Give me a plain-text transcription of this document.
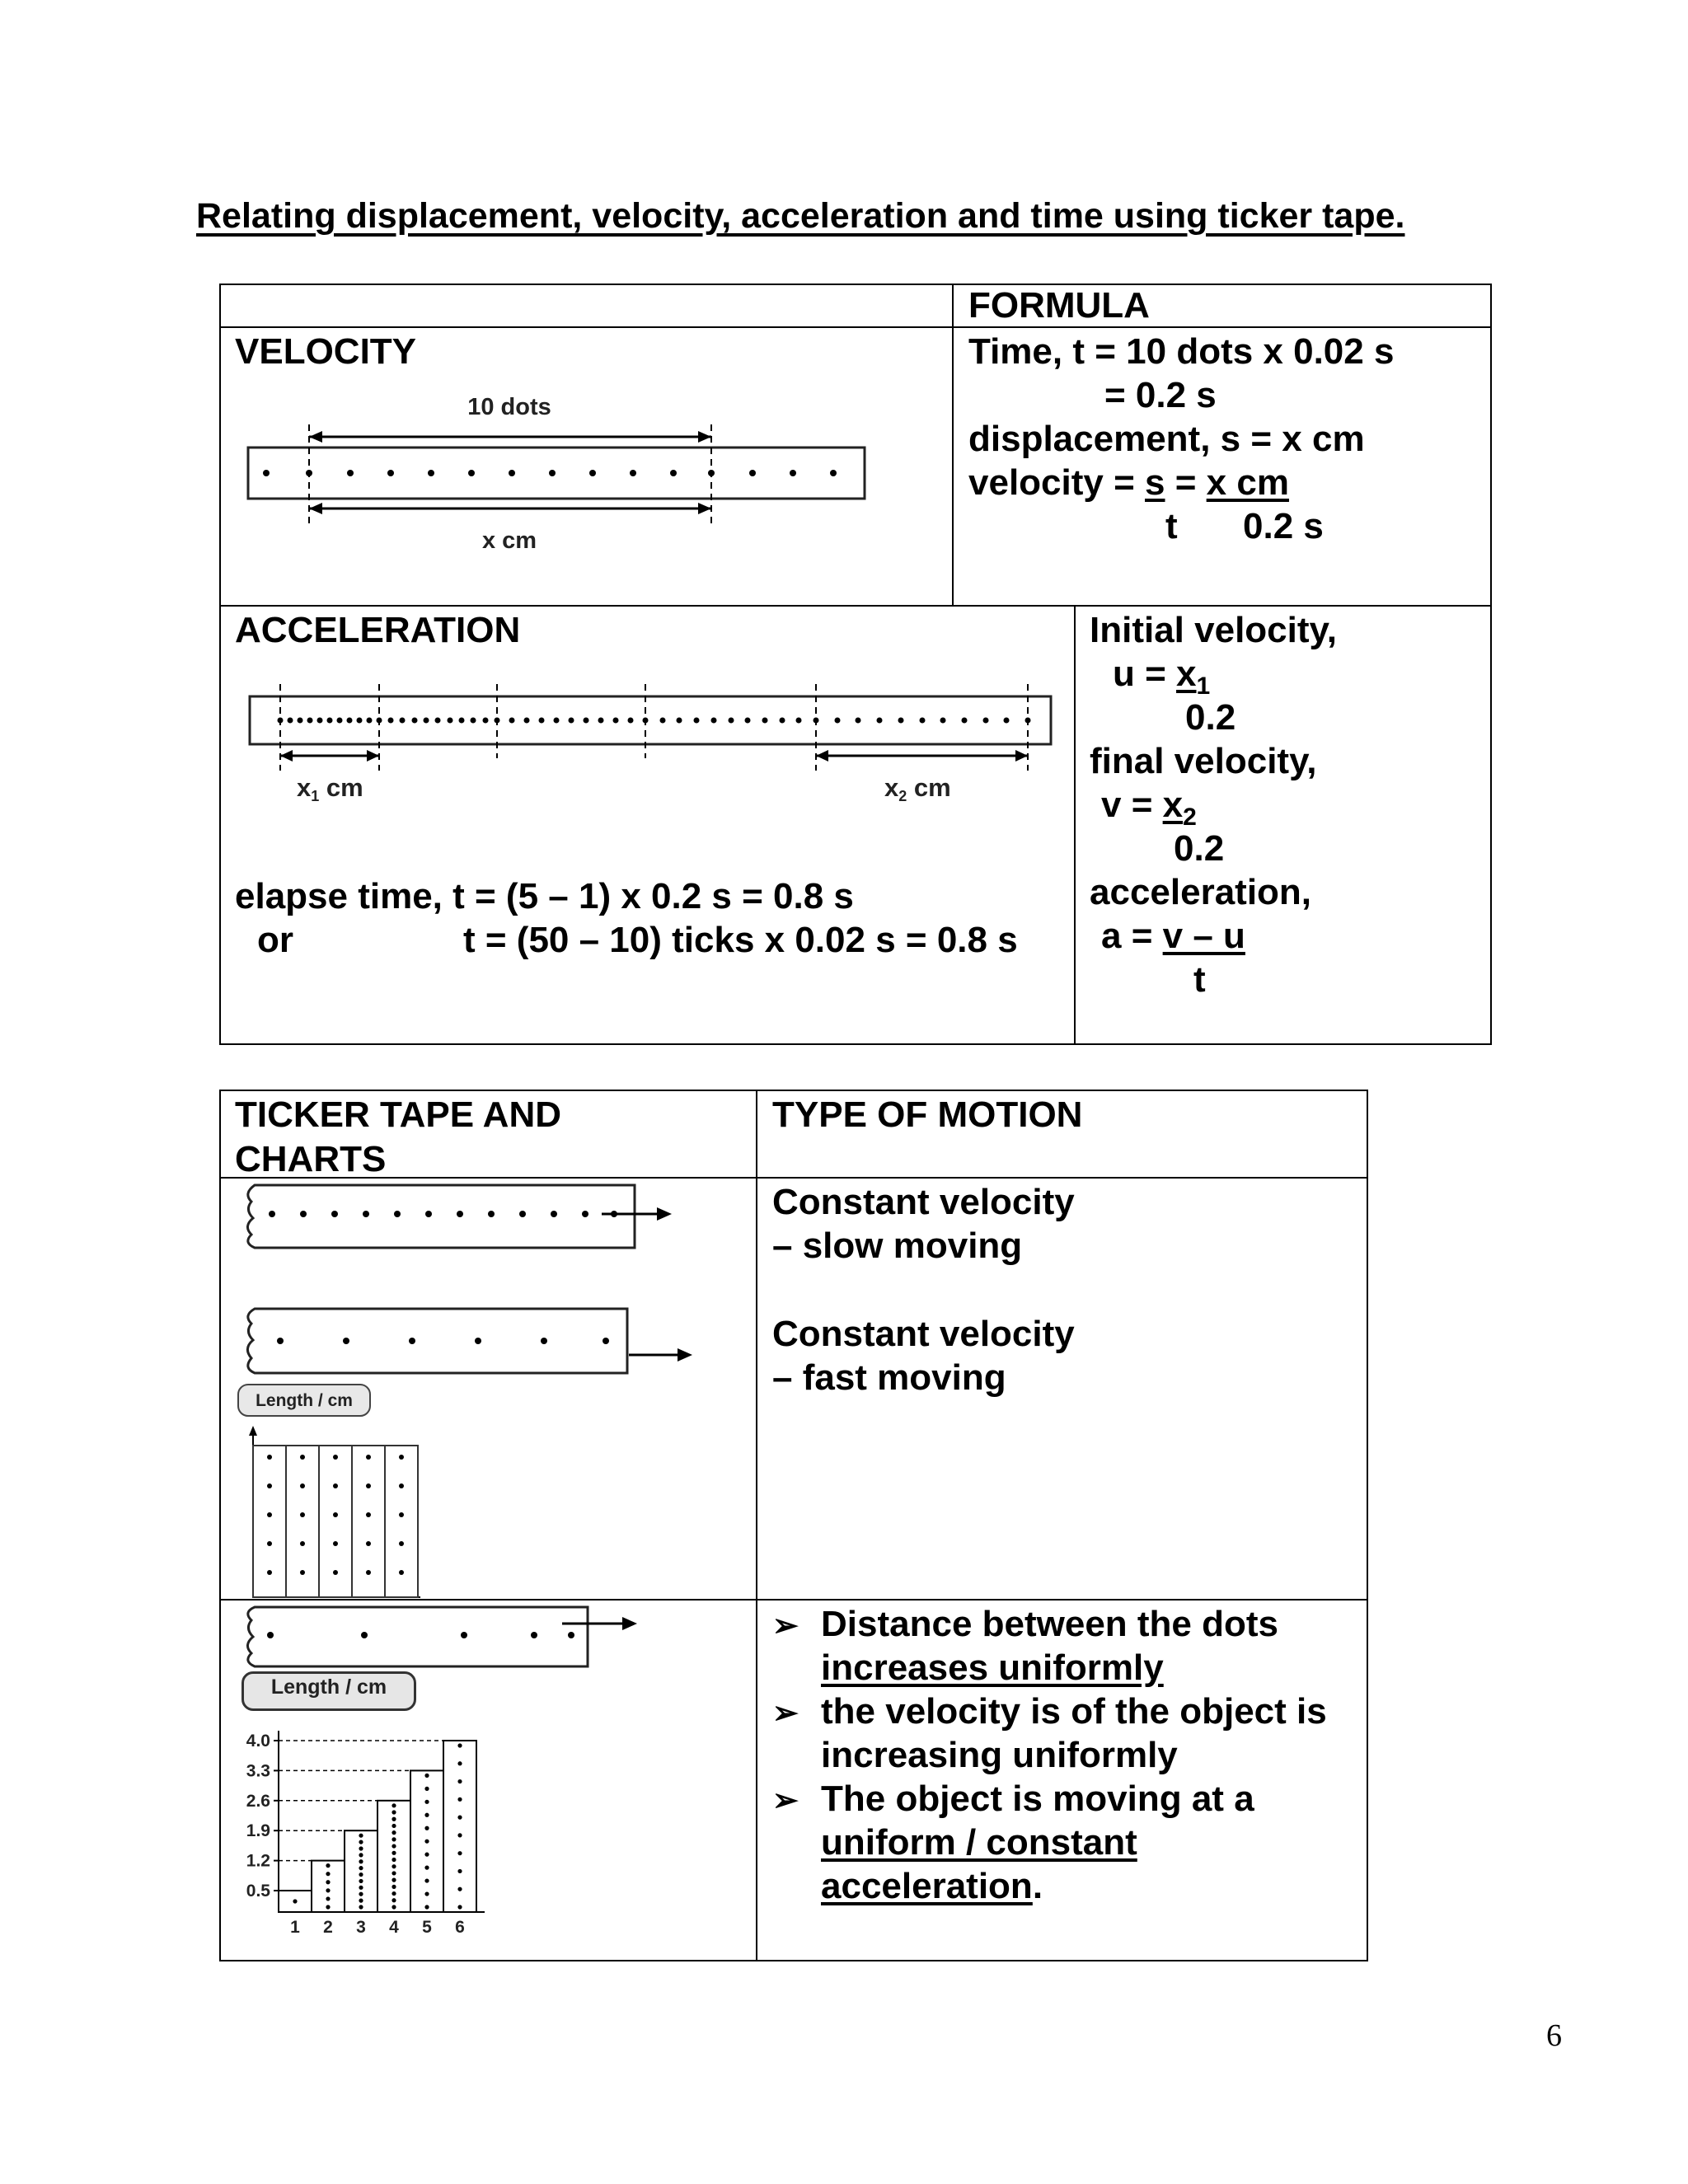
Relating displacement, velocity, acceleration and time using ticker tape.
FORMULA
VELOCITY
10 dots
x cm
Time, t = 10 dots x 0.02 s
= 0.2 s
displacement, s = x cm
velocity = s = x cm
t 0.2 s
ACCELERATION
x1 cm	x2 cm
elapse time, t = (5 – 1) x 0.2 s = 0.8 s
or	t = (50 – 10) ticks x 0.02 s = 0.8 s
Initial velocity,
$u = x_1$
0.2
final velocity,
$v = x_2$
0.2
acceleration,
a = v – u
t
TICKER TAPE AND CHARTS
TYPE OF MOTION
Length / cm
Constant velocity
– slow moving
Constant velocity
– fast moving
Length / cm
0.5
1
1.2
2
1.9
3
2.6
4
3.3
5
4.0
6
➢ Distance between the dots
increases uniformly
➢ the velocity is of the object is
increasing uniformly
➢ The object is moving at a
uniform / constant
acceleration.
6
